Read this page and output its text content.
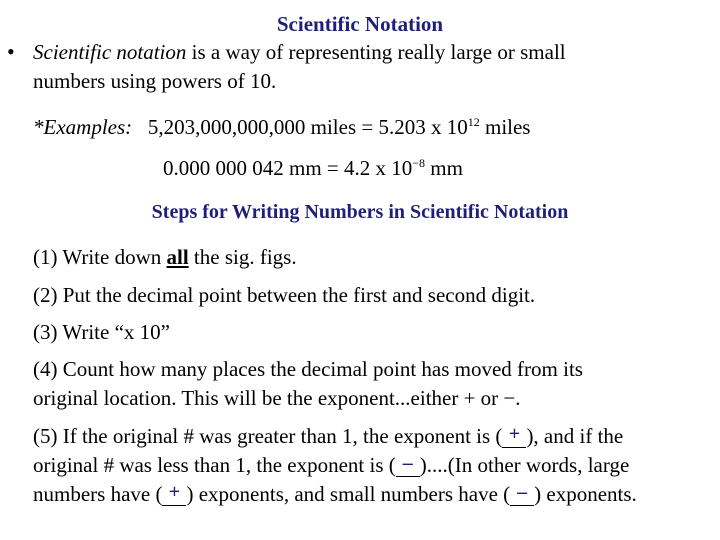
Scientific Notation
• Scientific notation is a way of representing really large or small
numbers using powers of 10.
*Examples: 5,203,000,000,000 miles = 5.203 x $10^{12}$ miles
0.000 000 042 mm = 4.2 x $10^{-8}$ mm
Steps for Writing Numbers in Scientific Notation
(1) Write down all the sig. figs.
(2) Put the decimal point between the first and second digit.
(3) Write “x 10”
(4) Count how many places the decimal point has moved from its
original location. This will be the exponent...either + or −.
(5) If the original # was greater than 1, the exponent is ( + ), and if the
original # was less than 1, the exponent is ( – )....(In other words, large
numbers have ( + ) exponents, and small numbers have ( – ) exponents.
